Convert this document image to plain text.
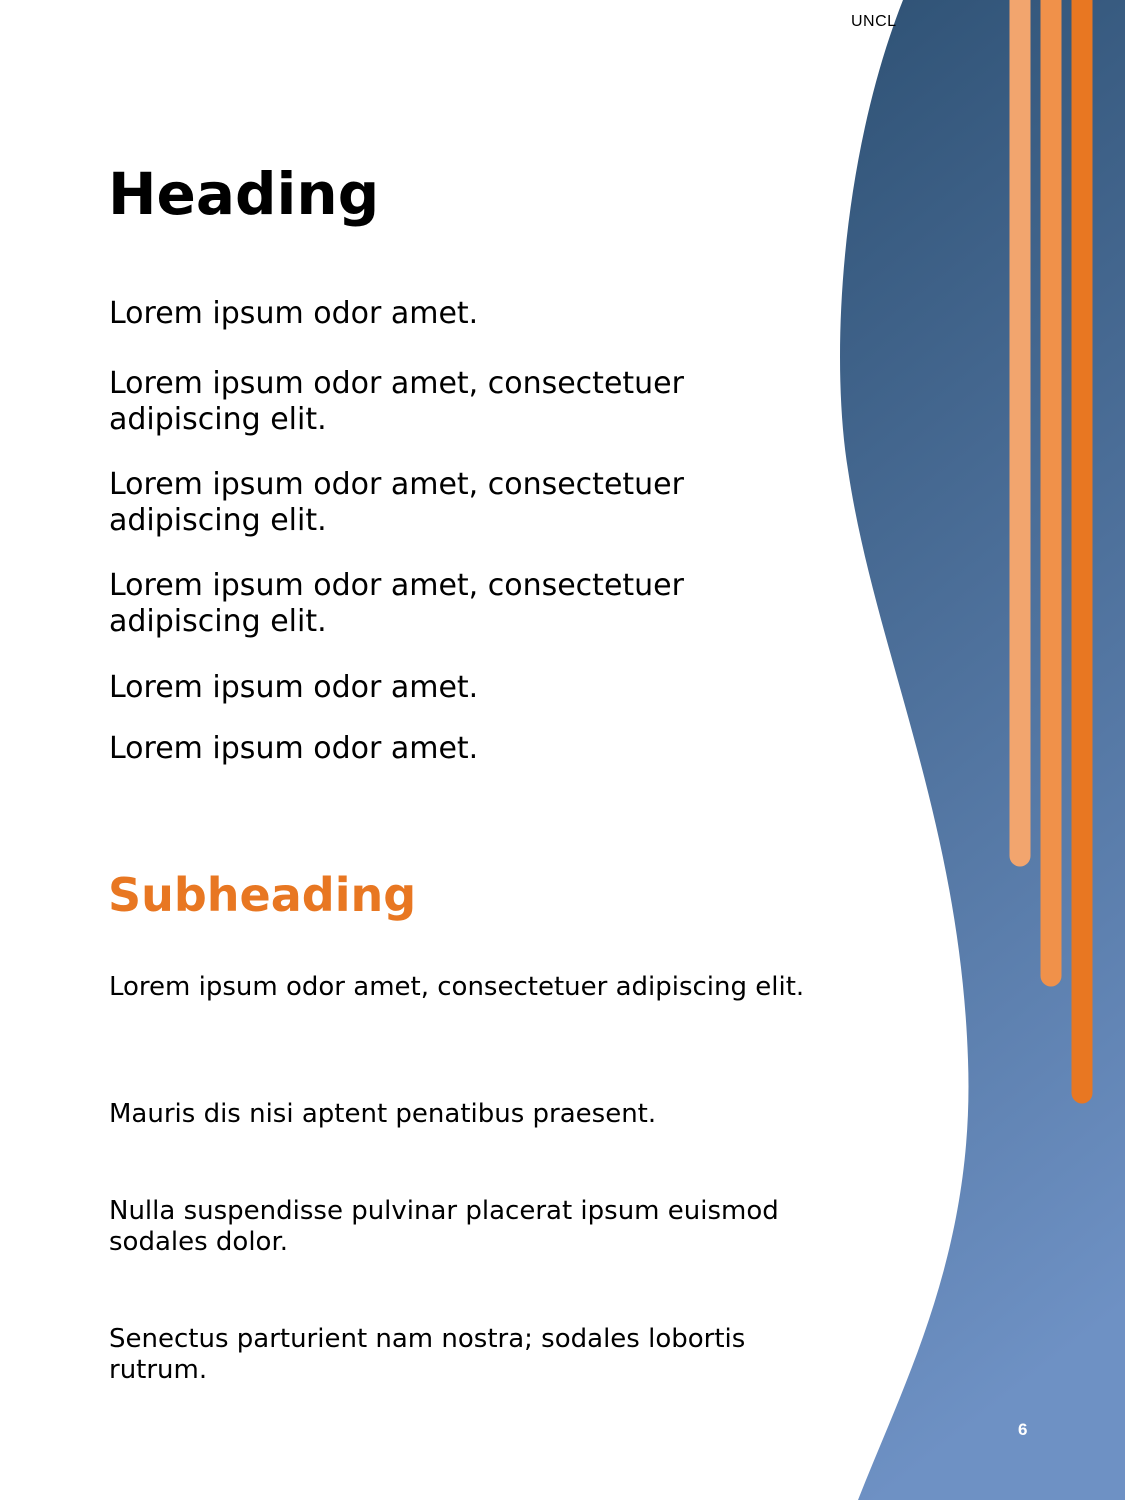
UNCL
Heading

Lorem ipsum odor amet.

Lorem ipsum odor amet, consectetuer adipiscing elit.

Lorem ipsum odor amet, consectetuer adipiscing elit.

Lorem ipsum odor amet, consectetuer adipiscing elit.

Lorem ipsum odor amet.

Lorem ipsum odor amet.

Subheading

Lorem ipsum odor amet, consectetuer adipiscing elit.

Mauris dis nisi aptent penatibus praesent.

Nulla suspendisse pulvinar placerat ipsum euismod sodales dolor.

Senectus parturient nam nostra; sodales lobortis rutrum.

6
